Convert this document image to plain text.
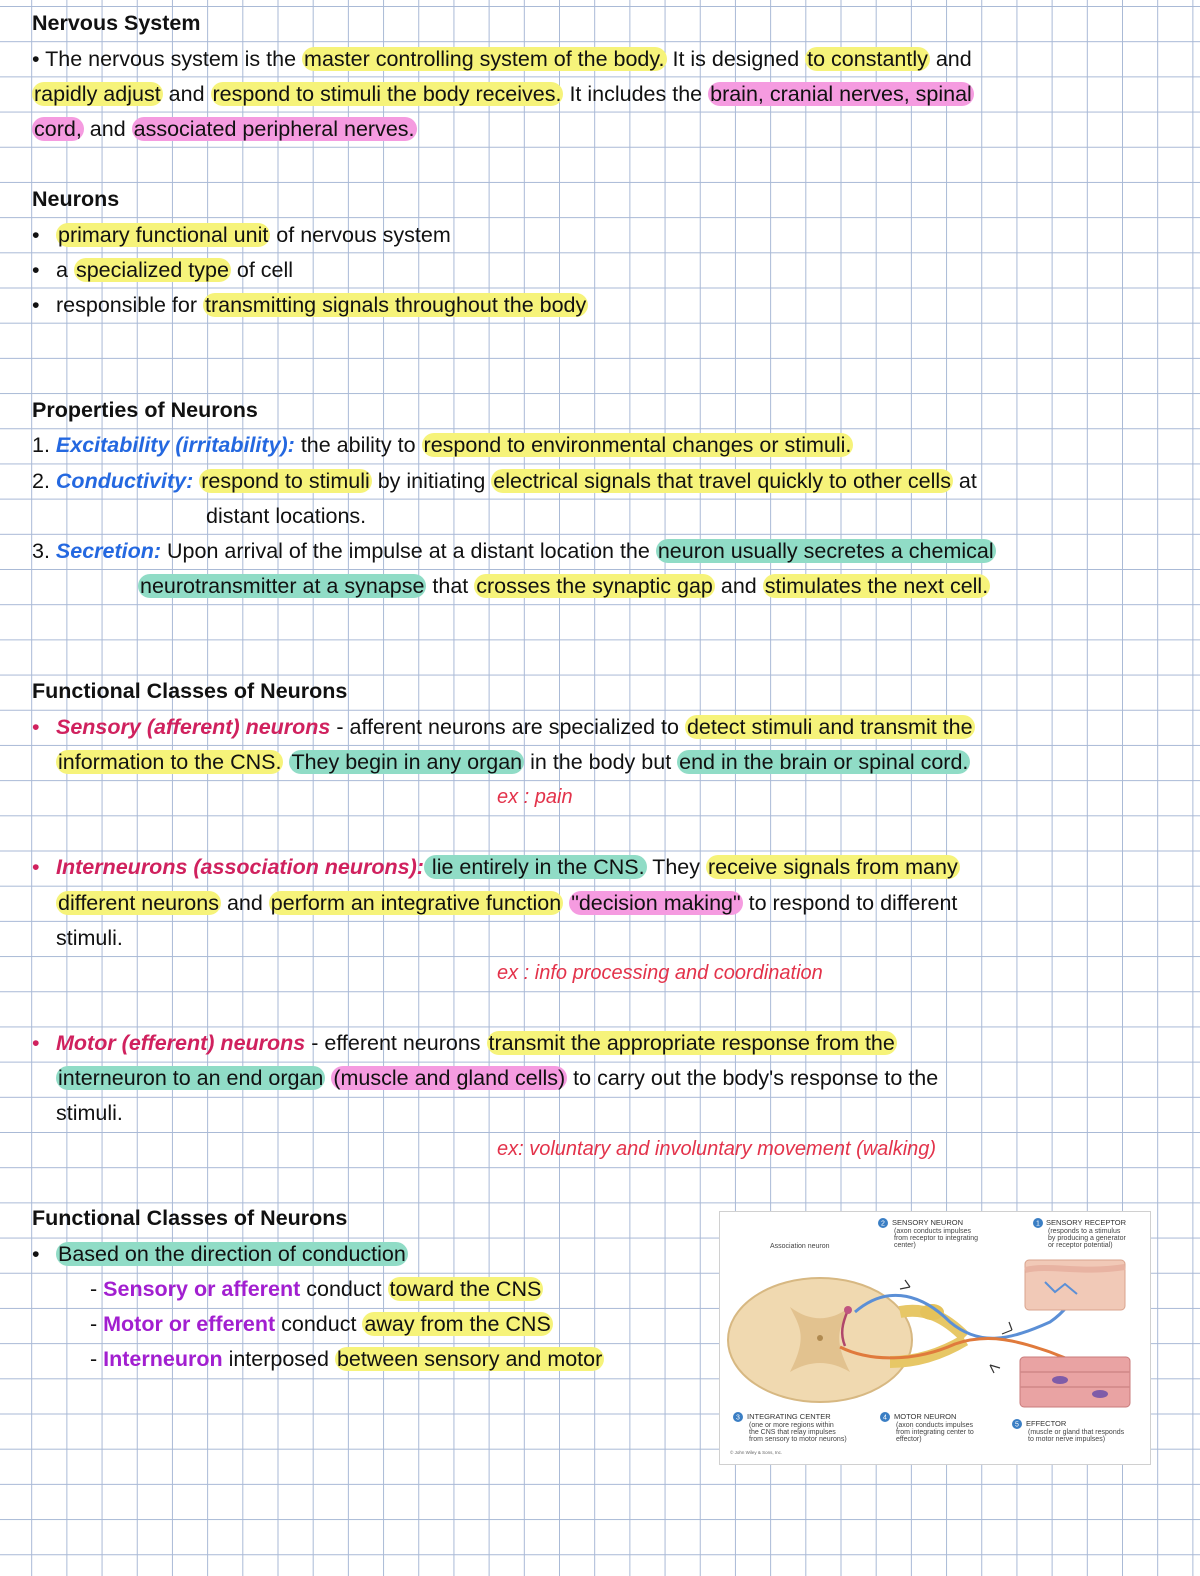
Nervous System
• The nervous system is the master controlling system of the body. It is designed to constantly and
rapidly adjust and respond to stimuli the body receives. It includes the brain, cranial nerves, spinal
cord, and associated peripheral nerves.
Neurons
• primary functional unit of nervous system
• a specialized type of cell
• responsible for transmitting signals throughout the body
Properties of Neurons
1. Excitability (irritability): the ability to respond to environmental changes or stimuli.
2. Conductivity: respond to stimuli by initiating electrical signals that travel quickly to other cells at
distant locations.
3. Secretion: Upon arrival of the impulse at a distant location the neuron usually secretes a chemical
neurotransmitter at a synapse that crosses the synaptic gap and stimulates the next cell.
Functional Classes of Neurons
• Sensory (afferent) neurons - afferent neurons are specialized to detect stimuli and transmit the
information to the CNS. They begin in any organ in the body but end in the brain or spinal cord.
ex : pain
• Interneurons (association neurons): lie entirely in the CNS. They receive signals from many
different neurons and perform an integrative function "decision making" to respond to different
stimuli.
ex : info processing and coordination
• Motor (efferent) neurons - efferent neurons transmit the appropriate response from the
interneuron to an end organ (muscle and gland cells) to carry out the body's response to the
stimuli.
ex: voluntary and involuntary movement (walking)
Functional Classes of Neurons
• Based on the direction of conduction
- Sensory or afferent conduct toward the CNS
- Motor or efferent conduct away from the CNS
- Interneuron interposed between sensory and motor
Association neuron
2 SENSORY NEURON
(axon conducts impulses
from receptor to integrating
center)
1 SENSORY RECEPTOR
(responds to a stimulus
by producing a generator
or receptor potential)
3 INTEGRATING CENTER
(one or more regions within
the CNS that relay impulses
from sensory to motor neurons)
4 MOTOR NEURON
(axon conducts impulses
from integrating center to
effector)
5 EFFECTOR
(muscle or gland that responds
to motor nerve impulses)
© John Wiley & Sons, Inc.
